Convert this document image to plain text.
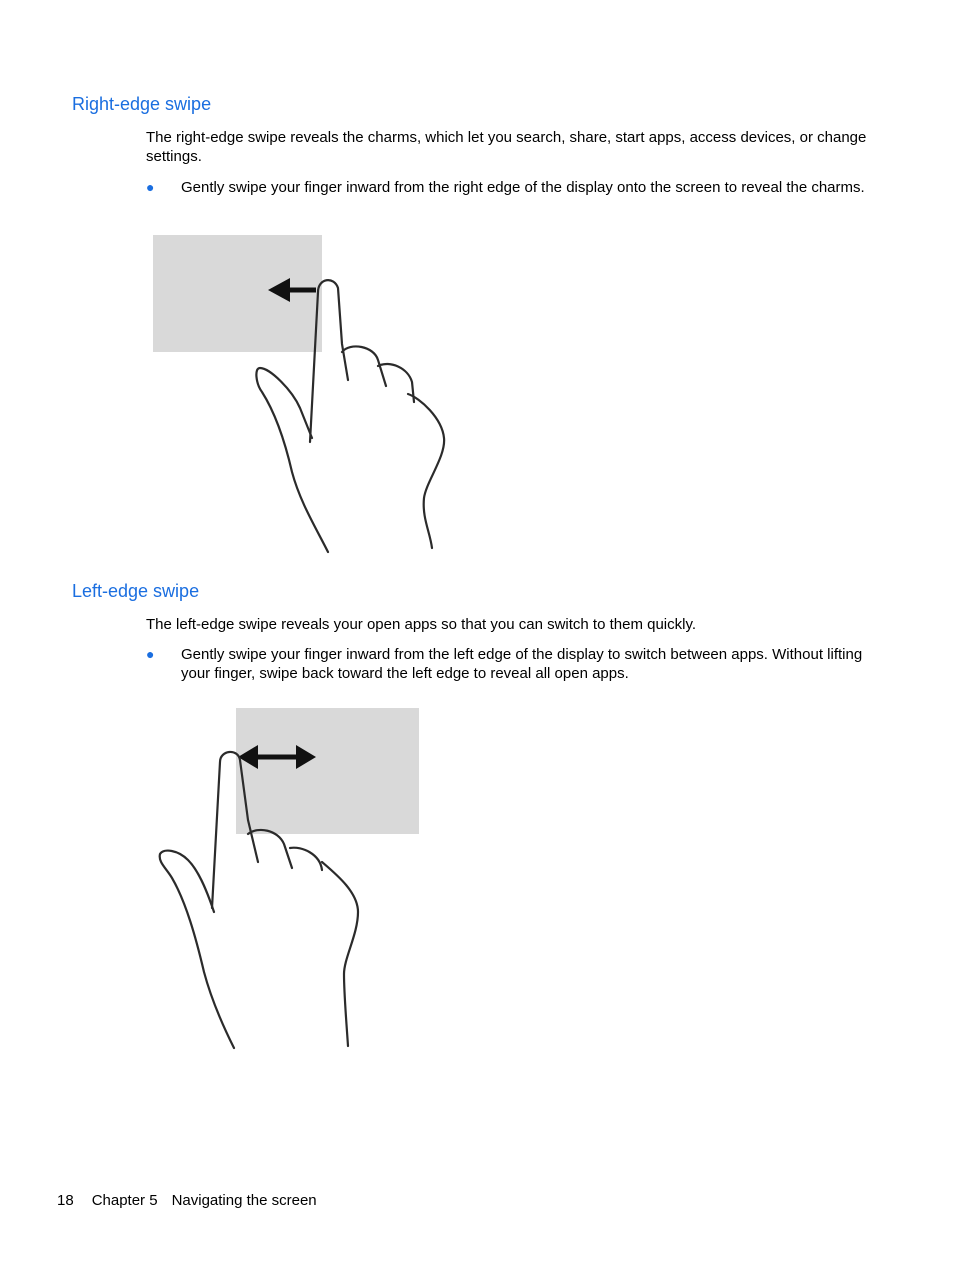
Right-edge swipe

The right-edge swipe reveals the charms, which let you search, share, start apps, access devices, or change settings.

● Gently swipe your finger inward from the right edge of the display onto the screen to reveal the charms.

Left-edge swipe

The left-edge swipe reveals your open apps so that you can switch to them quickly.

● Gently swipe your finger inward from the left edge of the display to switch between apps. Without lifting your finger, swipe back toward the left edge to reveal all open apps.

18 Chapter 5 Navigating the screen
